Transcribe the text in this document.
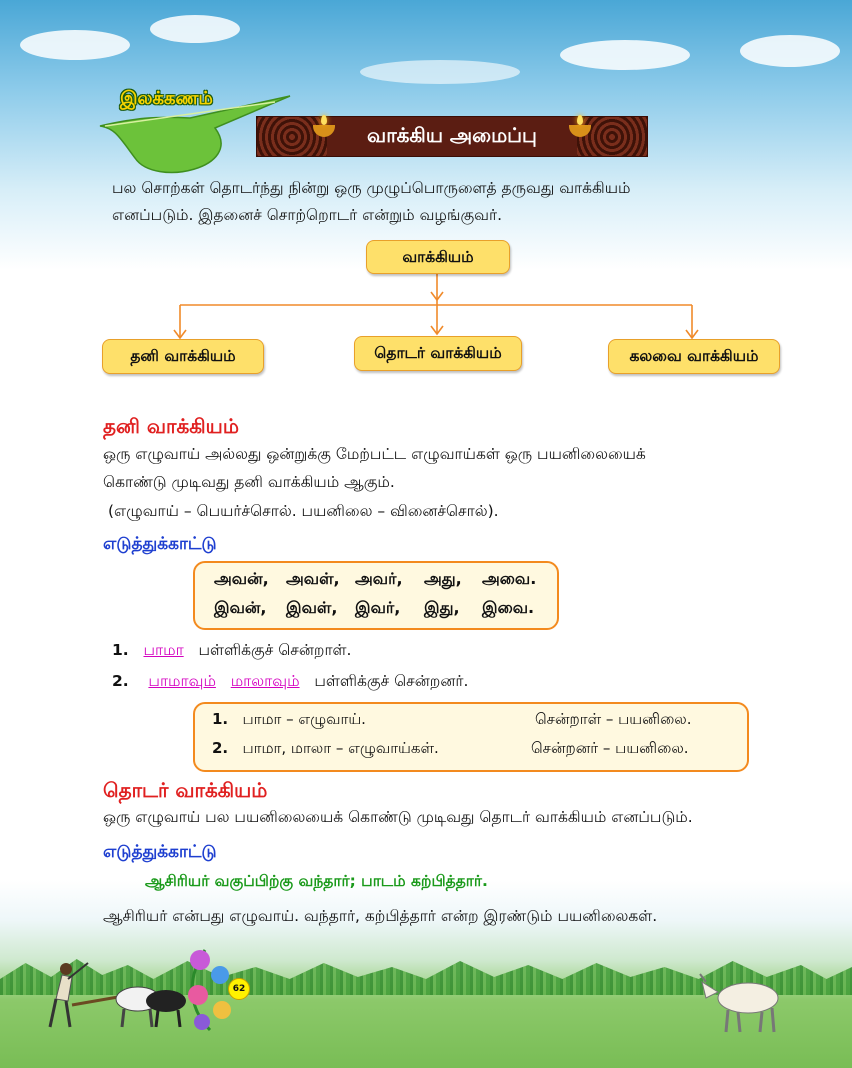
இலக்கணம்
வாக்கிய அமைப்பு
பல சொற்கள் தொடர்ந்து நின்று ஒரு முழுப்பொருளைத் தருவது வாக்கியம்
எனப்படும். இதனைச் சொற்றொடர் என்றும் வழங்குவர்.
வாக்கியம்
தனி வாக்கியம்	தொடர் வாக்கியம்	கலவை வாக்கியம்
தனி வாக்கியம்
ஒரு எழுவாய் அல்லது ஒன்றுக்கு மேற்பட்ட எழுவாய்கள் ஒரு பயனிலையைக்
கொண்டு முடிவது தனி வாக்கியம் ஆகும்.
(எழுவாய் – பெயர்ச்சொல். பயனிலை – வினைச்சொல்).
எடுத்துக்காட்டு
அவன், அவள், அவர், அது, அவை.
இவன், இவள், இவர், இது, இவை.
1. பாமா பள்ளிக்குச் சென்றாள்.
2. பாமாவும் மாலாவும் பள்ளிக்குச் சென்றனர்.
1. பாமா – எழுவாய்.	சென்றாள் – பயனிலை.
2. பாமா, மாலா – எழுவாய்கள்.	சென்றனர் – பயனிலை.
தொடர் வாக்கியம்
ஒரு எழுவாய் பல பயனிலையைக் கொண்டு முடிவது தொடர் வாக்கியம் எனப்படும்.
எடுத்துக்காட்டு
ஆசிரியர் வகுப்பிற்கு வந்தார்; பாடம் கற்பித்தார்.
ஆசிரியர் என்பது எழுவாய். வந்தார், கற்பித்தார் என்ற இரண்டும் பயனிலைகள்.
62
